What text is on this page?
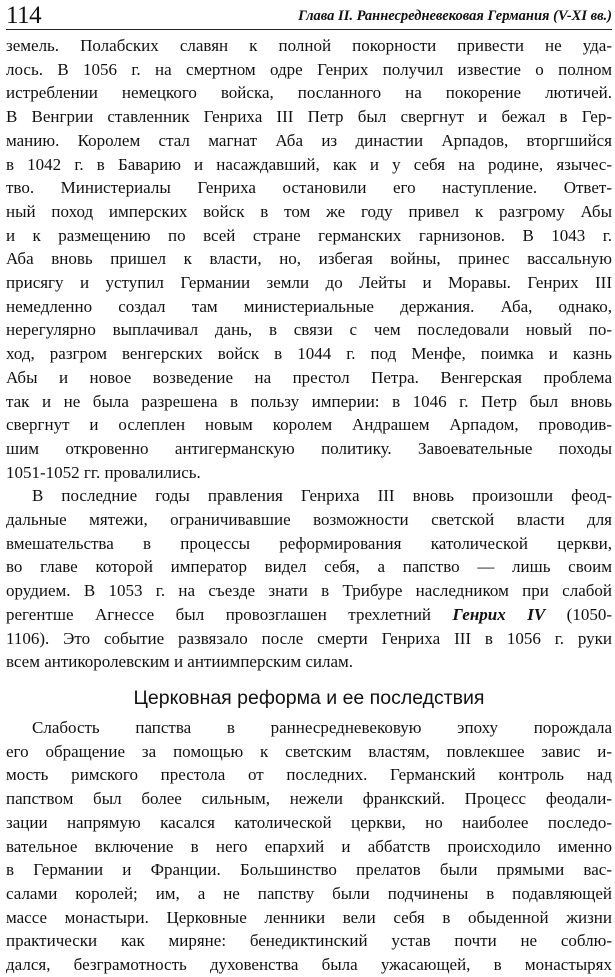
114	Глава II. Раннесредневековая Германия (V-XI вв.)
земель. Полабских славян к полной покорности привести не уда-
лось. В 1056 г. на смертном одре Генрих получил известие о полном
истреблении немецкого войска, посланного на покорение лютичей.
В Венгрии ставленник Генриха III Петр был свергнут и бежал в Гер-
манию. Королем стал магнат Аба из династии Арпадов, вторгшийся
в 1042 г. в Баварию и насаждавший, как и у себя на родине, язычес-
тво. Министериалы Генриха остановили его наступление. Ответ-
ный поход имперских войск в том же году привел к разгрому Абы
и к размещению по всей стране германских гарнизонов. В 1043 г.
Аба вновь пришел к власти, но, избегая войны, принес вассальную
присягу и уступил Германии земли до Лейты и Моравы. Генрих III
немедленно создал там министериальные держания. Аба, однако,
нерегулярно выплачивал дань, в связи с чем последовали новый по-
ход, разгром венгерских войск в 1044 г. под Менфе, поимка и казнь
Абы и новое возведение на престол Петра. Венгерская проблема
так и не была разрешена в пользу империи: в 1046 г. Петр был вновь
свергнут и ослеплен новым королем Андрашем Арпадом, проводив-
шим откровенно антигерманскую политику. Завоевательные походы
1051-1052 гг. провалились.
В последние годы правления Генриха III вновь произошли феод-
дальные мятежи, ограничивавшие возможности светской власти для
вмешательства в процессы реформирования католической церкви,
во главе которой император видел себя, а папство — лишь своим
орудием. В 1053 г. на съезде знати в Трибуре наследником при слабой
регентше Агнессе был провозглашен трехлетний Генрих IV (1050-
1106). Это событие развязало после смерти Генриха III в 1056 г. руки
всем антикоролевским и антиимперским силам.
Церковная реформа и ее последствия
Слабость папства в раннесредневековую эпоху порождала
его обращение за помощью к светским властям, повлекшее завиc и-
мость римского престола от последних. Германский контроль над
папством был более сильным, нежели франкский. Процесс феодали-
зации напрямую касался католической церкви, но наиболее последо-
вательное включение в него епархий и аббатств происходило именно
в Германии и Франции. Большинство прелатов были прямыми вас-
салами королей; им, а не папству были подчинены в подавляющей
массе монастыри. Церковные ленники вели себя в обыденной жизни
практически как миряне: бенедиктинский устав почти не соблю-
дался, безграмотность духовенства была ужасающей, в монастырях
